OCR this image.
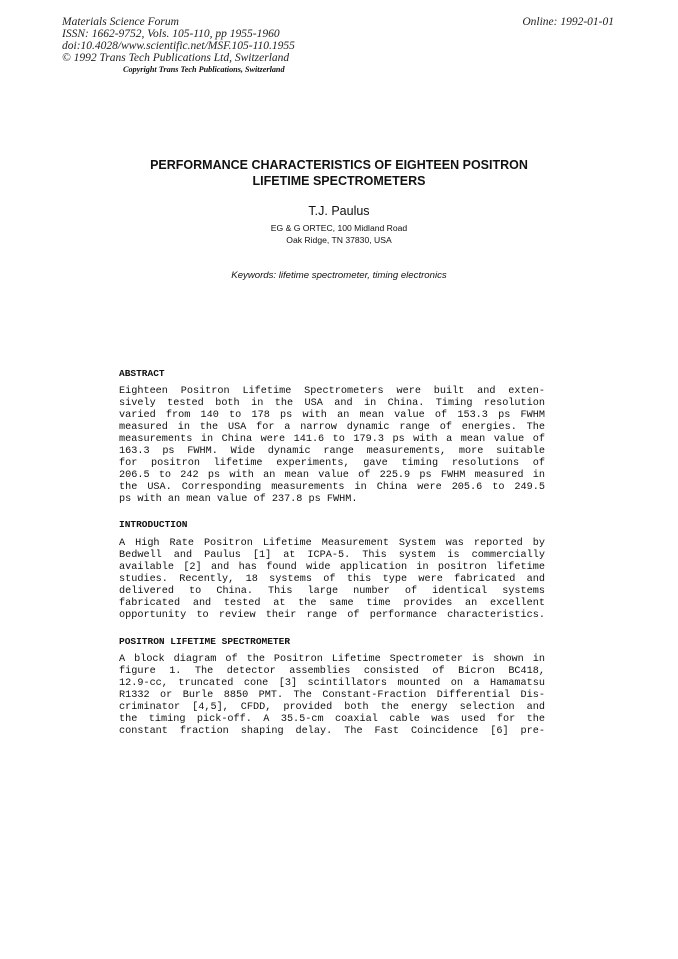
Materials Science Forum
ISSN: 1662-9752, Vols. 105-110, pp 1955-1960
doi:10.4028/www.scientific.net/MSF.105-110.1955
© 1992 Trans Tech Publications Ltd, Switzerland
Online: 1992-01-01
Copyright Trans Tech Publications, Switzerland
PERFORMANCE CHARACTERISTICS OF EIGHTEEN POSITRON
LIFETIME SPECTROMETERS
T.J. Paulus
EG & G ORTEC, 100 Midland Road
Oak Ridge, TN 37830, USA
Keywords: lifetime spectrometer, timing electronics
ABSTRACT
Eighteen Positron Lifetime Spectrometers were built and exten-
sively tested both in the USA and in China. Timing resolution
varied from 140 to 178 ps with an mean value of 153.3 ps FWHM
measured in the USA for a narrow dynamic range of energies. The
measurements in China were 141.6 to 179.3 ps with a mean value of
163.3 ps FWHM. Wide dynamic range measurements, more suitable
for positron lifetime experiments, gave timing resolutions of
206.5 to 242 ps with an mean value of 225.9 ps FWHM measured in
the USA. Corresponding measurements in China were 205.6 to 249.5
ps with an mean value of 237.8 ps FWHM.
INTRODUCTION
A High Rate Positron Lifetime Measurement System was reported by
Bedwell and Paulus [1] at ICPA-5. This system is commercially
available [2] and has found wide application in positron lifetime
studies. Recently, 18 systems of this type were fabricated and
delivered to China. This large number of identical systems
fabricated and tested at the same time provides an excellent
opportunity to review their range of performance characteristics.
POSITRON LIFETIME SPECTROMETER
A block diagram of the Positron Lifetime Spectrometer is shown in
figure 1. The detector assemblies consisted of Bicron BC418,
12.9-cc, truncated cone [3] scintillators mounted on a Hamamatsu
R1332 or Burle 8850 PMT. The Constant-Fraction Differential Dis-
criminator [4,5], CFDD, provided both the energy selection and
the timing pick-off. A 35.5-cm coaxial cable was used for the
constant fraction shaping delay. The Fast Coincidence [6] pre-
